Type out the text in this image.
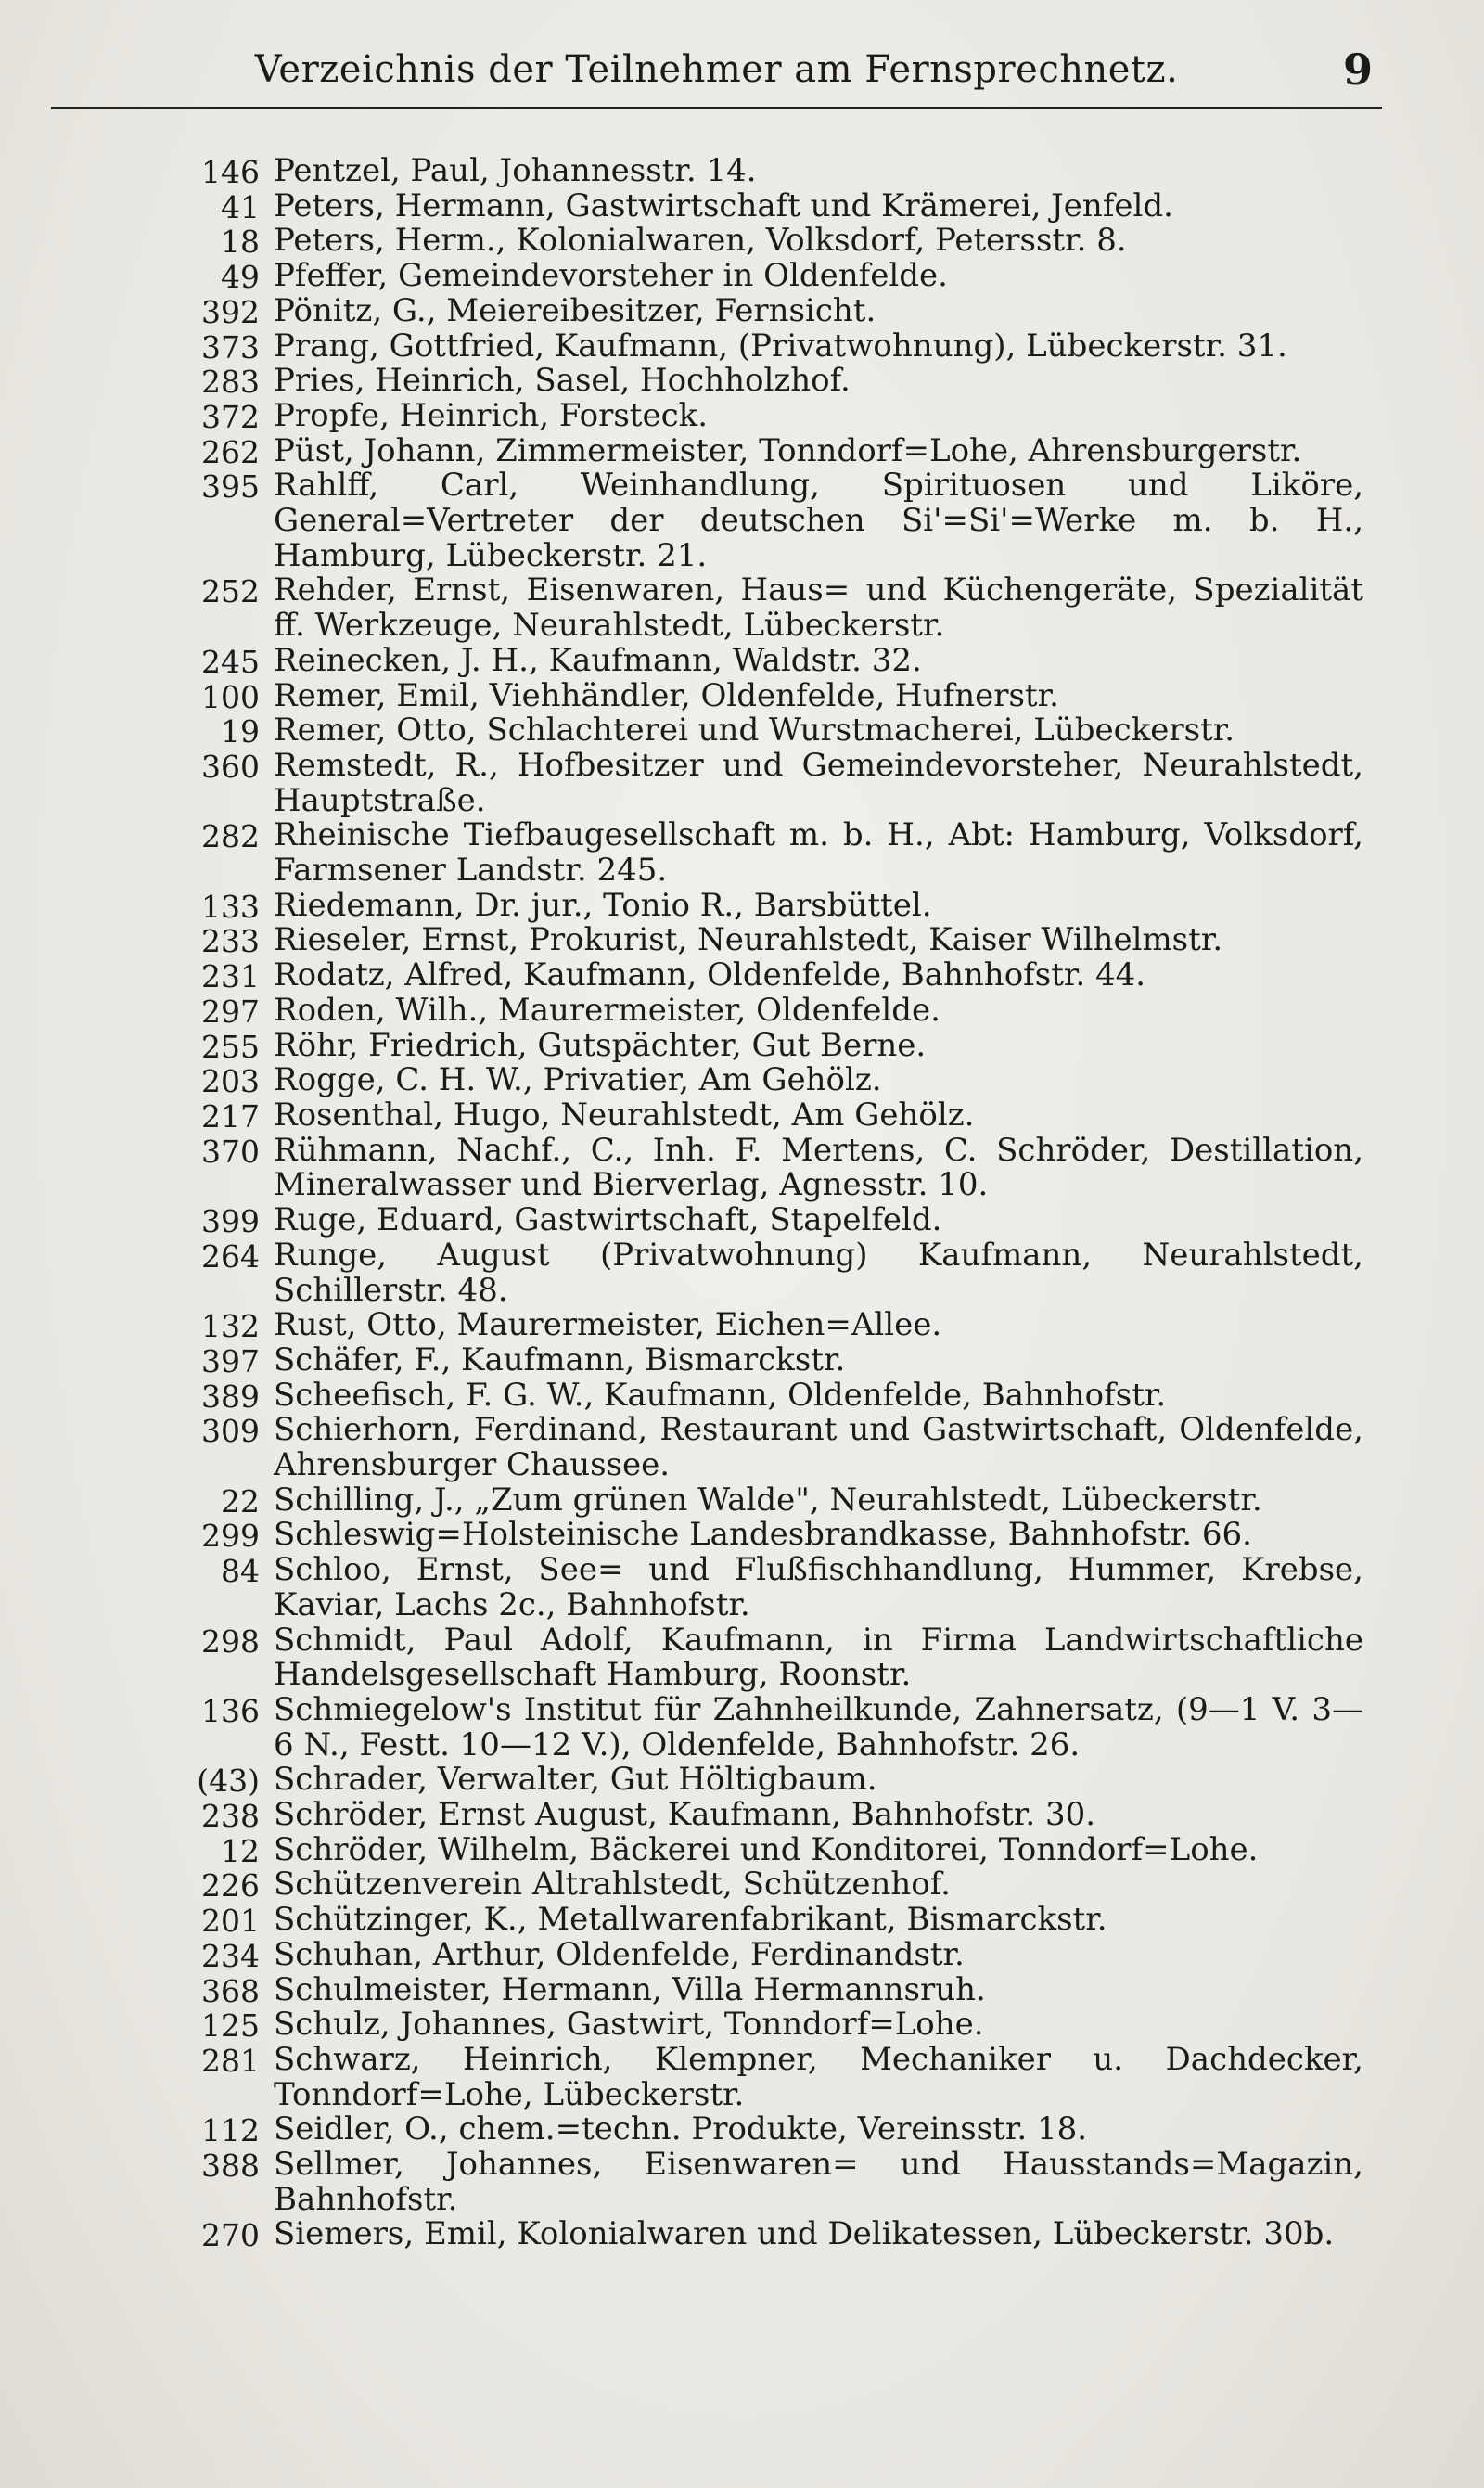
Verzeichnis der Teilnehmer am Fernsprechnetz.	9
146 Pentzel, Paul, Johannesstr. 14.
41 Peters, Hermann, Gastwirtschaft und Krämerei, Jenfeld.
18 Peters, Herm., Kolonialwaren, Volksdorf, Petersstr. 8.
49 Pfeffer, Gemeindevorsteher in Oldenfelde.
392 Pönitz, G., Meiereibesitzer, Fernsicht.
373 Prang, Gottfried, Kaufmann, (Privatwohnung), Lübeckerstr. 31.
283 Pries, Heinrich, Sasel, Hochholzhof.
372 Propfe, Heinrich, Forsteck.
262 Püst, Johann, Zimmermeister, Tonndorf=Lohe, Ahrensburgerstr.
395 Rahlff, Carl, Weinhandlung, Spirituosen und Liköre, General=Vertreter der deutschen Si'=Si'=Werke m. b. H., Hamburg, Lübeckerstr. 21.
252 Rehder, Ernst, Eisenwaren, Haus= und Küchengeräte, Spezialität ff. Werkzeuge, Neurahlstedt, Lübeckerstr.
245 Reinecken, J. H., Kaufmann, Waldstr. 32.
100 Remer, Emil, Viehhändler, Oldenfelde, Hufnerstr.
19 Remer, Otto, Schlachterei und Wurstmacherei, Lübeckerstr.
360 Remstedt, R., Hofbesitzer und Gemeindevorsteher, Neurahlstedt, Hauptstraße.
282 Rheinische Tiefbaugesellschaft m. b. H., Abt: Hamburg, Volksdorf, Farmsener Landstr. 245.
133 Riedemann, Dr. jur., Tonio R., Barsbüttel.
233 Rieseler, Ernst, Prokurist, Neurahlstedt, Kaiser Wilhelmstr.
231 Rodatz, Alfred, Kaufmann, Oldenfelde, Bahnhofstr. 44.
297 Roden, Wilh., Maurermeister, Oldenfelde.
255 Röhr, Friedrich, Gutspächter, Gut Berne.
203 Rogge, C. H. W., Privatier, Am Gehölz.
217 Rosenthal, Hugo, Neurahlstedt, Am Gehölz.
370 Rühmann, Nachf., C., Inh. F. Mertens, C. Schröder, Destillation, Mineralwasser und Bierverlag, Agnesstr. 10.
399 Ruge, Eduard, Gastwirtschaft, Stapelfeld.
264 Runge, August (Privatwohnung) Kaufmann, Neurahlstedt, Schillerstr. 48.
132 Rust, Otto, Maurermeister, Eichen=Allee.
397 Schäfer, F., Kaufmann, Bismarckstr.
389 Scheefisch, F. G. W., Kaufmann, Oldenfelde, Bahnhofstr.
309 Schierhorn, Ferdinand, Restaurant und Gastwirtschaft, Oldenfelde, Ahrensburger Chaussee.
22 Schilling, J., „Zum grünen Walde", Neurahlstedt, Lübeckerstr.
299 Schleswig=Holsteinische Landesbrandkasse, Bahnhofstr. 66.
84 Schloo, Ernst, See= und Flußfischhandlung, Hummer, Krebse, Kaviar, Lachs 2c., Bahnhofstr.
298 Schmidt, Paul Adolf, Kaufmann, in Firma Landwirtschaftliche Handelsgesellschaft Hamburg, Roonstr.
136 Schmiegelow's Institut für Zahnheilkunde, Zahnersatz, (9—1 V. 3—6 N., Festt. 10—12 V.), Oldenfelde, Bahnhofstr. 26.
(43) Schrader, Verwalter, Gut Höltigbaum.
238 Schröder, Ernst August, Kaufmann, Bahnhofstr. 30.
12 Schröder, Wilhelm, Bäckerei und Konditorei, Tonndorf=Lohe.
226 Schützenverein Altrahlstedt, Schützenhof.
201 Schützinger, K., Metallwarenfabrikant, Bismarckstr.
234 Schuhan, Arthur, Oldenfelde, Ferdinandstr.
368 Schulmeister, Hermann, Villa Hermannsruh.
125 Schulz, Johannes, Gastwirt, Tonndorf=Lohe.
281 Schwarz, Heinrich, Klempner, Mechaniker u. Dachdecker, Tonndorf=Lohe, Lübeckerstr.
112 Seidler, O., chem.=techn. Produkte, Vereinsstr. 18.
388 Sellmer, Johannes, Eisenwaren= und Hausstands=Magazin, Bahnhofstr.
270 Siemers, Emil, Kolonialwaren und Delikatessen, Lübeckerstr. 30b.
